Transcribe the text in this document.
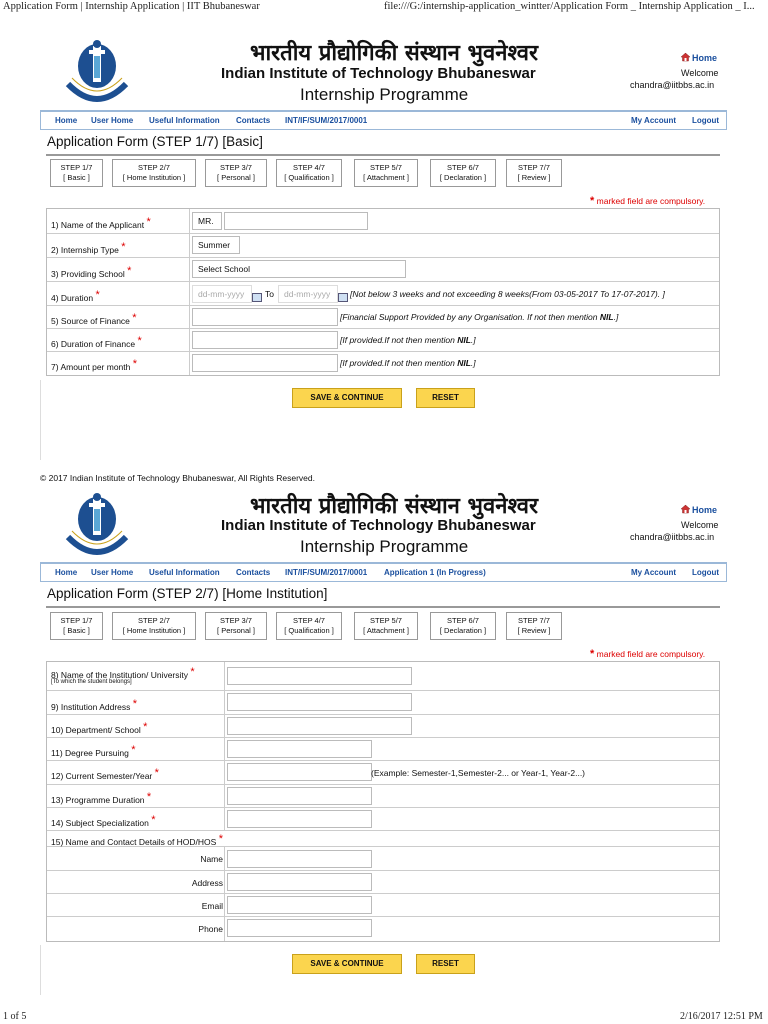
Application Form | Internship Application | IIT Bhubaneswar	file:///G:/internship-application_wintter/Application Form _ Internship Application _ I...
भारतीय प्रौद्योगिकी संस्थान भुवनेश्वर
Indian Institute of Technology Bhubaneswar
Internship Programme
Home
Welcome
chandra@iitbbs.ac.in
Home User Home Useful Information Contacts INT/IF/SUM/2017/0001	My Account Logout
Application Form (STEP 1/7) [Basic]
STEP 1/7
[ Basic ]
STEP 2/7
[ Home Institution ]
STEP 3/7
[ Personal ]
STEP 4/7
[ Qualification ]
STEP 5/7
[ Attachment ]
STEP 6/7
[ Declaration ]
STEP 7/7
[ Review ]
* marked field are compulsory.
1) Name of the Applicant *	MR.
2) Internship Type *	Summer
3) Providing School *	Select School
4) Duration *	dd-mm-yyyy	To	dd-mm-yyyy	[Not below 3 weeks and not exceeding 8 weeks(From 03-05-2017 To 17-07-2017). ]
5) Source of Finance *	[Financial Support Provided by any Organisation. If not then mention NIL.]
6) Duration of Finance *	[If provided.If not then mention NIL.]
7) Amount per month *	[If provided.If not then mention NIL.]
SAVE & CONTINUE	RESET
© 2017 Indian Institute of Technology Bhubaneswar, All Rights Reserved.
भारतीय प्रौद्योगिकी संस्थान भुवनेश्वर
Indian Institute of Technology Bhubaneswar
Internship Programme
Home
Welcome
chandra@iitbbs.ac.in
Home User Home Useful Information Contacts INT/IF/SUM/2017/0001 Application 1 (In Progress)	My Account Logout
Application Form (STEP 2/7) [Home Institution]
STEP 1/7
[ Basic ]
STEP 2/7
[ Home Institution ]
STEP 3/7
[ Personal ]
STEP 4/7
[ Qualification ]
STEP 5/7
[ Attachment ]
STEP 6/7
[ Declaration ]
STEP 7/7
[ Review ]
* marked field are compulsory.
8) Name of the Institution/ University *
[To which the student belongs]
9) Institution Address *
10) Department/ School *
11) Degree Pursuing *
12) Current Semester/Year *	(Example: Semester-1,Semester-2... or Year-1, Year-2...)
13) Programme Duration *
14) Subject Specialization *
15) Name and Contact Details of HOD/HOS *
Name
Address
Email
Phone
SAVE & CONTINUE	RESET
1 of 5	2/16/2017 12:51 PM
